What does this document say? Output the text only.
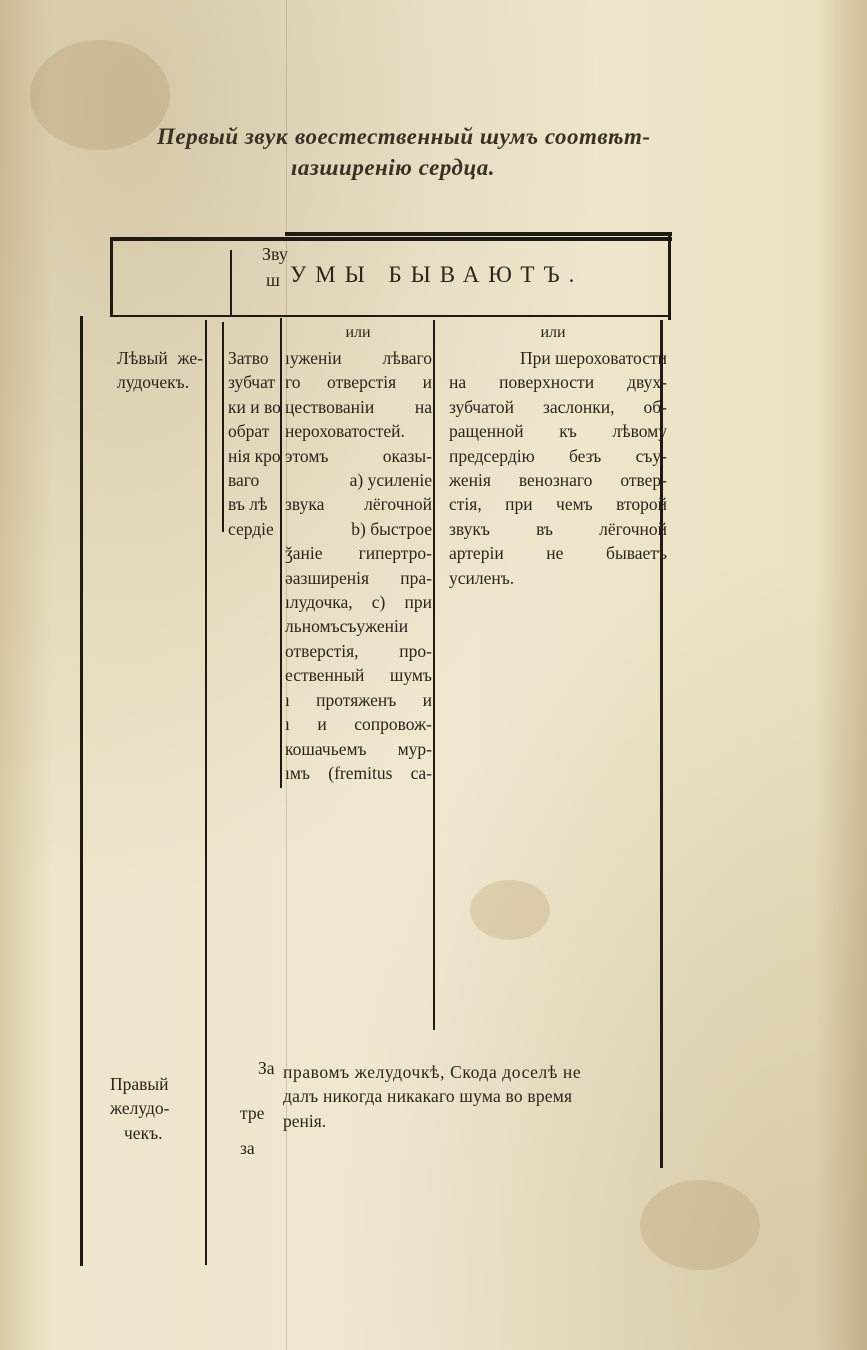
Первый звук воестественный шумъ соотвѣт-
ıазширенію сердца.
Зву
ш УМЫ БЫВАЮТЪ.
Лѣвый же-
лудочекъ.
Затво
зубчат
ки и во
обрат
нія кро
ваго
въ лѣ
сердіе
или
ıуженіи лѣваго
го отверстія и
цествованіи на
нероховатостей.
этомъ оказы-
а) усиленіе
звука лёгочной
b) быстрое
ǯаніе гипертро-
ǝазширенія пра-
ıлудочка, с) при
льномъсъуженіи
отверстія, про-
ественный шумъ
ı протяженъ и
ı и сопровож-
кошачьемъ мур-
ıмъ (fremitus ca-
или
При шероховатости
на поверхности двух-
зубчатой заслонки, об-
ращенной къ лѣвому
предсердію безъ съу-
женія венознаго отвер-
стія, при чемъ второй
звукъ въ лёгочной
артеріи не бываетъ
усиленъ.
Правый
желудо-
чекъ.
За
тре
за
правомъ желудочкѣ, Скода доселѣ не
далъ никогда никакаго шума во время
ренія.
